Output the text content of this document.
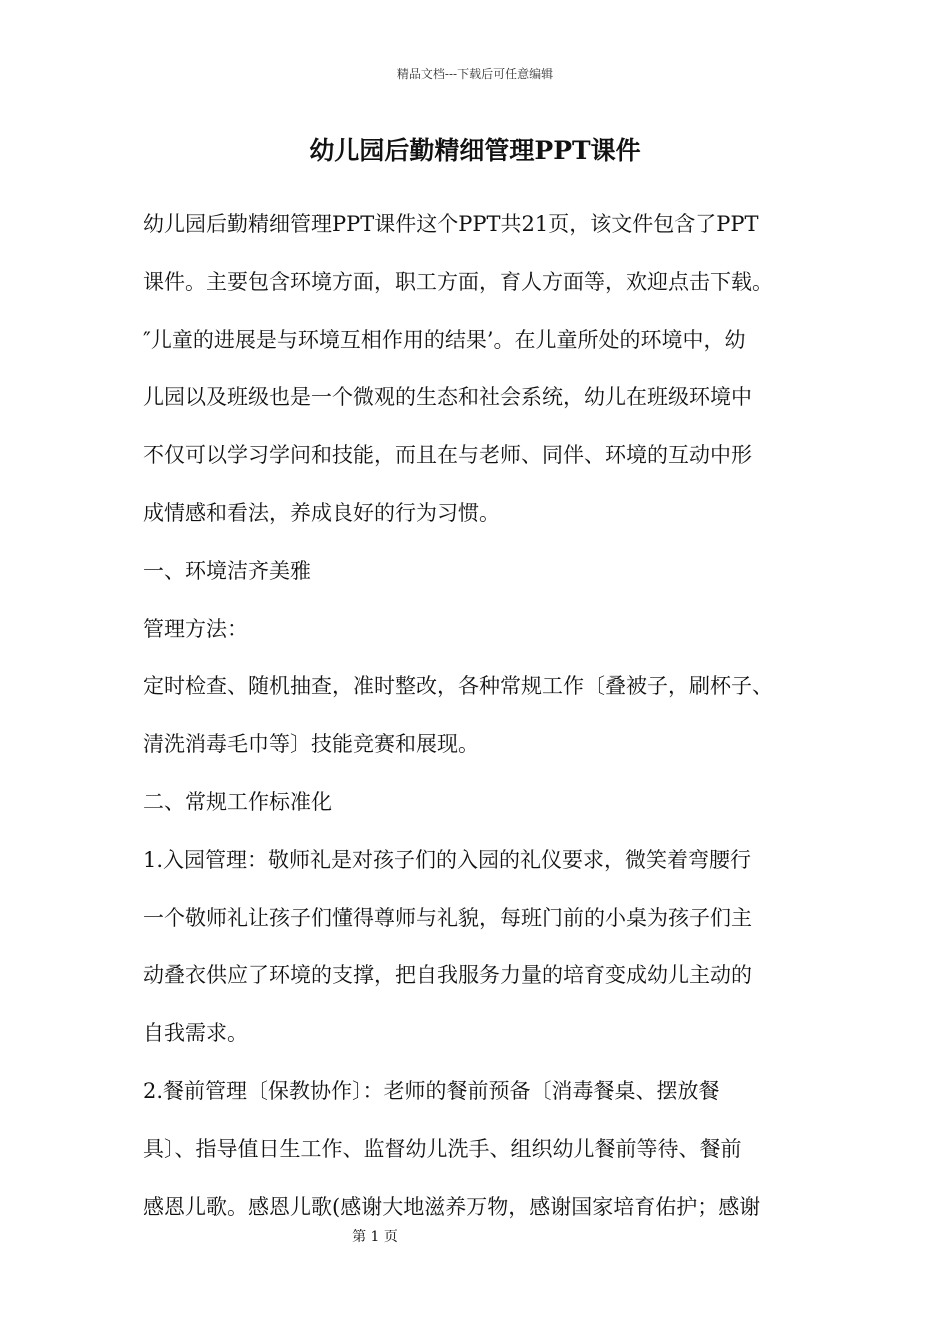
精品文档---下载后可任意编辑
幼儿园后勤精细管理PPT课件
幼儿园后勤精细管理PPT课件这个PPT共21页，该文件包含了PPT
课件。主要包含环境方面，职工方面，育人方面等，欢迎点击下载。
″儿童的进展是与环境互相作用的结果’。在儿童所处的环境中，幼
儿园以及班级也是一个微观的生态和社会系统，幼儿在班级环境中
不仅可以学习学问和技能，而且在与老师、同伴、环境的互动中形
成情感和看法，养成良好的行为习惯。
一、环境洁齐美雅
管理方法：
定时检查、随机抽查，准时整改，各种常规工作〔叠被子，刷杯子、
清洗消毒毛巾等〕技能竞赛和展现。
二、常规工作标准化
1.入园管理：敬师礼是对孩子们的入园的礼仪要求，微笑着弯腰行
一个敬师礼让孩子们懂得尊师与礼貌，每班门前的小桌为孩子们主
动叠衣供应了环境的支撑，把自我服务力量的培育变成幼儿主动的
自我需求。
2.餐前管理〔保教协作〕：老师的餐前预备〔消毒餐桌、摆放餐
具〕、指导值日生工作、监督幼儿洗手、组织幼儿餐前等待、餐前
感恩儿歌。感恩儿歌(感谢大地滋养万物，感谢国家培育佑护；感谢
第 1 页
